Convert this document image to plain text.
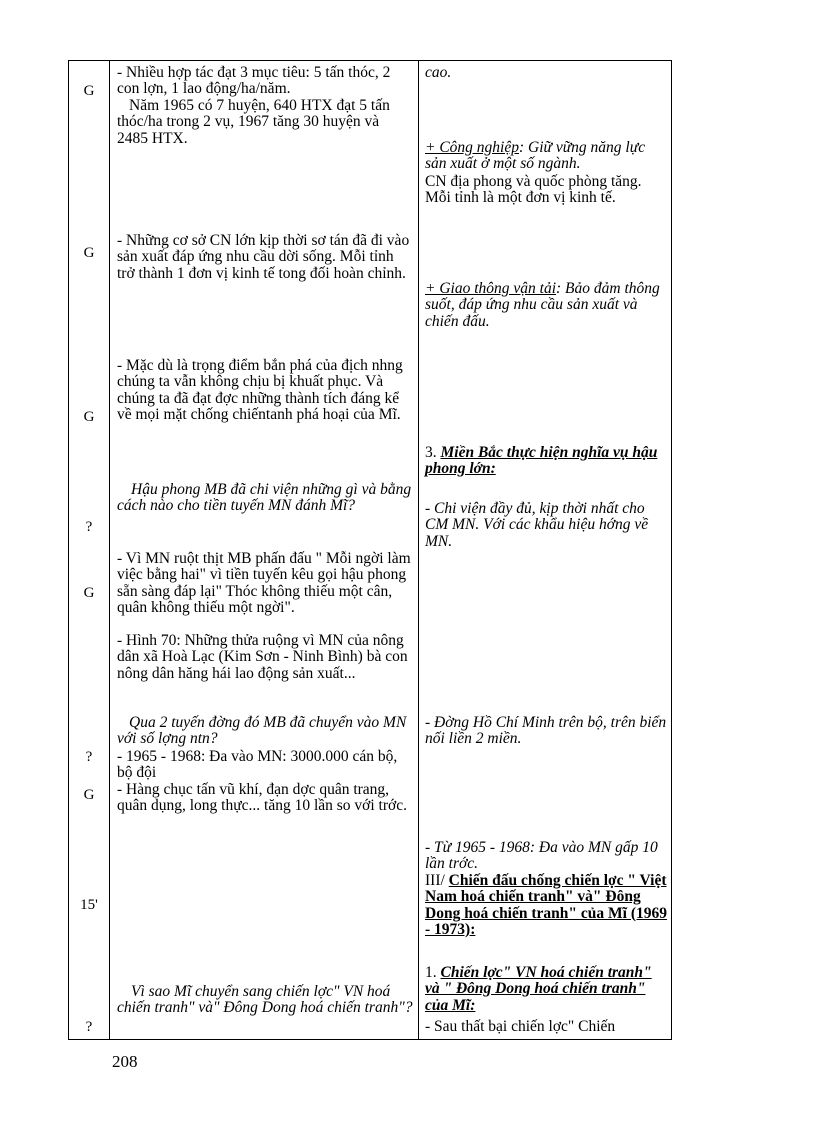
G
G
G
?
G
?
G
15'
?

- Nhiều hợp tác đạt 3 mục tiêu: 5 tấn thóc, 2 con lợn, 1 lao động/ha/năm.

Năm 1965 có 7 huyện, 640 HTX đạt 5 tấn thóc/ha trong 2 vụ, 1967 tăng 30 huyện và 2485 HTX.

- Những cơ sở CN lớn kịp thời sơ tán đã đi vào sản xuất đáp ứng nhu cầu dời sống. Mỗi tỉnh trở thành 1 đơn vị kinh tế tong đối hoàn chỉnh.

- Mặc dù là trọng điểm bắn phá của địch nhng chúng ta vẫn không chịu bị khuất phục. Và chúng ta đã đạt đợc những thành tích đáng kể về mọi mặt chống chiếntanh phá hoại của Mĩ.

Hậu phong MB đã chi viện những gì và bằng cách nào cho tiền tuyến MN đánh Mĩ?

- Vì MN ruột thịt MB phấn đấu " Mỗi ngời làm việc bằng hai" vì tiền tuyến kêu gọi hậu phong sẵn sàng đáp lại" Thóc không thiếu một cân, quân không thiếu một ngời".

- Hình 70: Những thửa ruộng vì MN của nông dân xã Hoà Lạc (Kim Sơn - Ninh Bình) bà con nông dân hăng hái lao động sản xuất...

Qua 2 tuyến đờng đó MB đã chuyển vào MN với số lợng ntn?

- 1965 - 1968: Đa vào MN: 3000.000 cán bộ, bộ đội

- Hàng chục tấn vũ khí, đạn dợc quân trang, quân dụng, long thực... tăng 10 lần so với trớc.

Vì sao Mĩ chuyển sang chiến lợc" VN hoá chiến tranh" và" Đông Dong hoá chiến tranh"?

cao.

+ Công nghiệp: Giữ vững năng lực sản xuất ở một số ngành.

CN địa phong và quốc phòng tăng. Mỗi tỉnh là một đơn vị kinh tế.

+ Giao thông vận tải: Bảo đảm thông suốt, đáp ứng nhu cầu sản xuất và chiến đấu.

3. Miền Bắc thực hiện nghĩa vụ hậu phong lớn:

- Chi viện đầy đủ, kịp thời nhất cho CM MN. Với các khẩu hiệu hớng về MN.

- Đờng Hồ Chí Minh trên bộ, trên biển nối liền 2 miền.

- Từ 1965 - 1968: Đa vào MN gấp 10 lần trớc.

III/ Chiến đấu chống chiến lợc " Việt Nam hoá chiến tranh" và" Đông Dong hoá chiến tranh" của Mĩ (1969 - 1973):

1. Chiến lợc" VN hoá chiến tranh" và " Đông Dong hoá chiến tranh" của Mĩ:

- Sau thất bại chiến lợc" Chiến

208
